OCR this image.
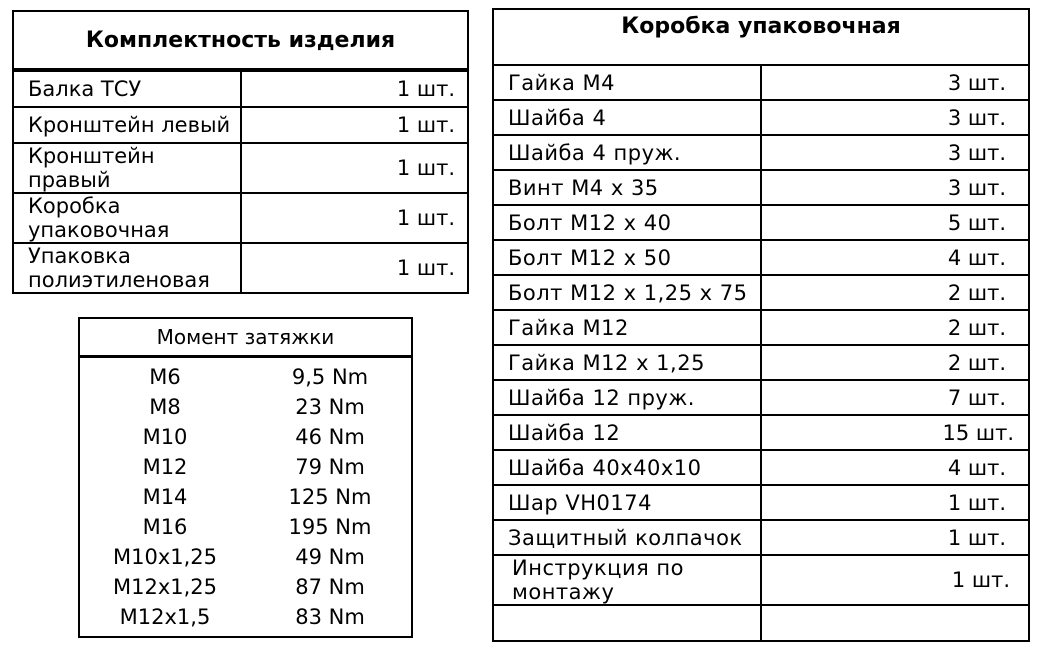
Комплектность изделия	

Балка ТСУ	1 шт.
Кронштейн левый	1 шт.
Кронштейн правый	1 шт.
Коробка упаковочная	1 шт.
Упаковка полиэтиленовая	1 шт.
Момент затяжки

M6	9,5 Nm
M8	23 Nm
M10	46 Nm
M12	79 Nm
M14	125 Nm
M16	195 Nm
M10x1,25	49 Nm
M12x1,25	87 Nm
M12x1,5	83 Nm
Коробка упаковочная	
Гайка М4	3 шт.
Шайба 4	3 шт.
Шайба 4 пруж.	3 шт.
Винт М4 х 35	3 шт.
Болт М12 х 40	5 шт.
Болт М12 х 50	4 шт.
Болт М12 х 1,25 х 75	2 шт.
Гайка М12	2 шт.
Гайка М12 х 1,25	2 шт.
Шайба 12 пруж.	7 шт.
Шайба 12	15 шт.
Шайба 40х40х10	4 шт.
Шар VH0174	1 шт.
Защитный колпачок	1 шт.
Инструкция по монтажу	1 шт.
